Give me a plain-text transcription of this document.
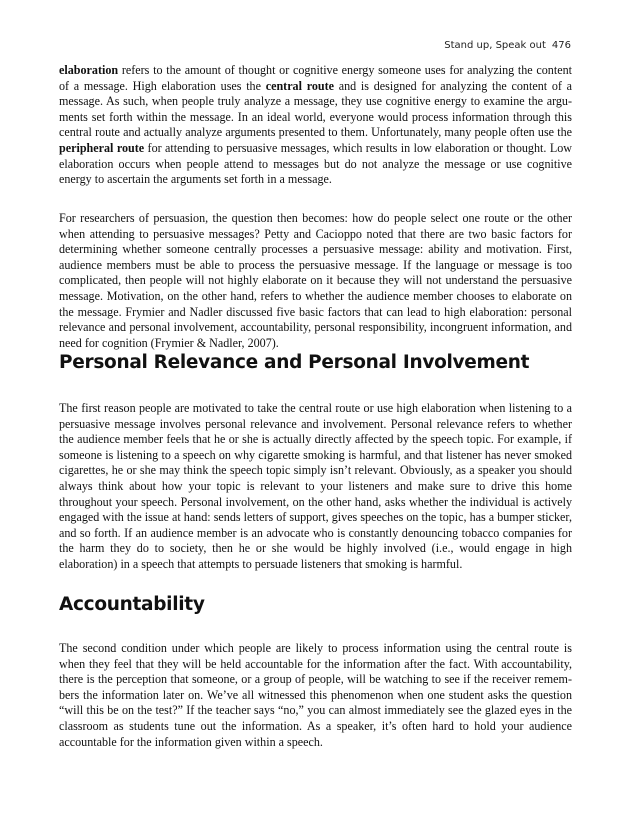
Stand up, Speak out 476

elaboration refers to the amount of thought or cognitive energy someone uses for analyzing the content of a message. High elaboration uses the central route and is designed for analyzing the content of a message. As such, when people truly analyze a message, they use cognitive energy to examine the arguments set forth within the message. In an ideal world, everyone would process information through this central route and actually analyze arguments presented to them. Unfortunately, many people often use the peripheral route for attending to persuasive messages, which results in low elaboration or thought. Low elaboration occurs when people attend to messages but do not analyze the message or use cognitive energy to ascertain the arguments set forth in a message.

For researchers of persuasion, the question then becomes: how do people select one route or the other when attending to persuasive messages? Petty and Cacioppo noted that there are two basic factors for determining whether someone centrally processes a persuasive message: ability and motivation. First, audience members must be able to process the persuasive message. If the language or message is too complicated, then people will not highly elaborate on it because they will not understand the persuasive message. Motivation, on the other hand, refers to whether the audience member chooses to elaborate on the message. Frymier and Nadler discussed five basic factors that can lead to high elaboration: personal relevance and personal involvement, accountability, personal responsibility, incongruent information, and need for cognition (Frymier & Nadler, 2007).

Personal Relevance and Personal Involvement

The first reason people are motivated to take the central route or use high elaboration when listening to a persuasive message involves personal relevance and involvement. Personal relevance refers to whether the audience member feels that he or she is actually directly affected by the speech topic. For example, if someone is listening to a speech on why cigarette smoking is harmful, and that listener has never smoked cigarettes, he or she may think the speech topic simply isn’t relevant. Obviously, as a speaker you should always think about how your topic is relevant to your listeners and make sure to drive this home throughout your speech. Personal involvement, on the other hand, asks whether the individual is actively engaged with the issue at hand: sends letters of support, gives speeches on the topic, has a bumper sticker, and so forth. If an audience member is an advocate who is constantly denouncing tobacco companies for the harm they do to society, then he or she would be highly involved (i.e., would engage in high elaboration) in a speech that attempts to persuade listeners that smoking is harmful.

Accountability

The second condition under which people are likely to process information using the central route is when they feel that they will be held accountable for the information after the fact. With accountability, there is the perception that someone, or a group of people, will be watching to see if the receiver remembers the information later on. We’ve all witnessed this phenomenon when one student asks the question “will this be on the test?” If the teacher says “no,” you can almost immediately see the glazed eyes in the classroom as students tune out the information. As a speaker, it’s often hard to hold your audience accountable for the information given within a speech.
